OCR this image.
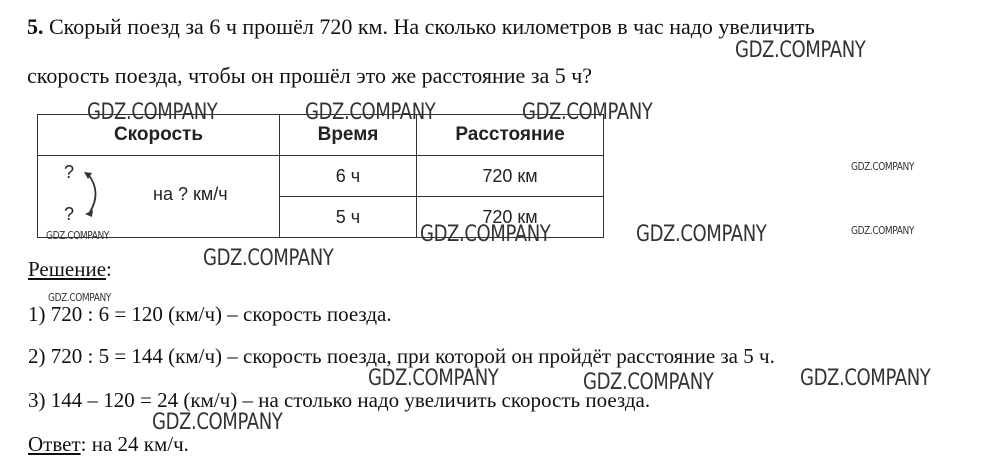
5. Скорый поезд за 6 ч прошёл 720 км. На сколько километров в час надо увеличить
скорость поезда, чтобы он прошёл это же расстояние за 5 ч?
Скорость	Время	Расстояние

?
?
на ? км/ч	6 ч	720 км
	5 ч	720 км
Решение:
1) 720 : 6 = 120 (км/ч) – скорость поезда.
2) 720 : 5 = 144 (км/ч) – скорость поезда, при которой он пройдёт расстояние за 5 ч.
3) 144 – 120 = 24 (км/ч) – на столько надо увеличить скорость поезда.
Ответ: на 24 км/ч.
GDZ.COMPANY
GDZ.COMPANY	GDZ.COMPANY	GDZ.COMPANY
GDZ.COMPANY
GDZ.COMPANY
GDZ.COMPANY	GDZ.COMPANY	GDZ.COMPANY
GDZ.COMPANY
GDZ.COMPANY
GDZ.COMPANY	GDZ.COMPANY	GDZ.COMPANY
GDZ.COMPANY
